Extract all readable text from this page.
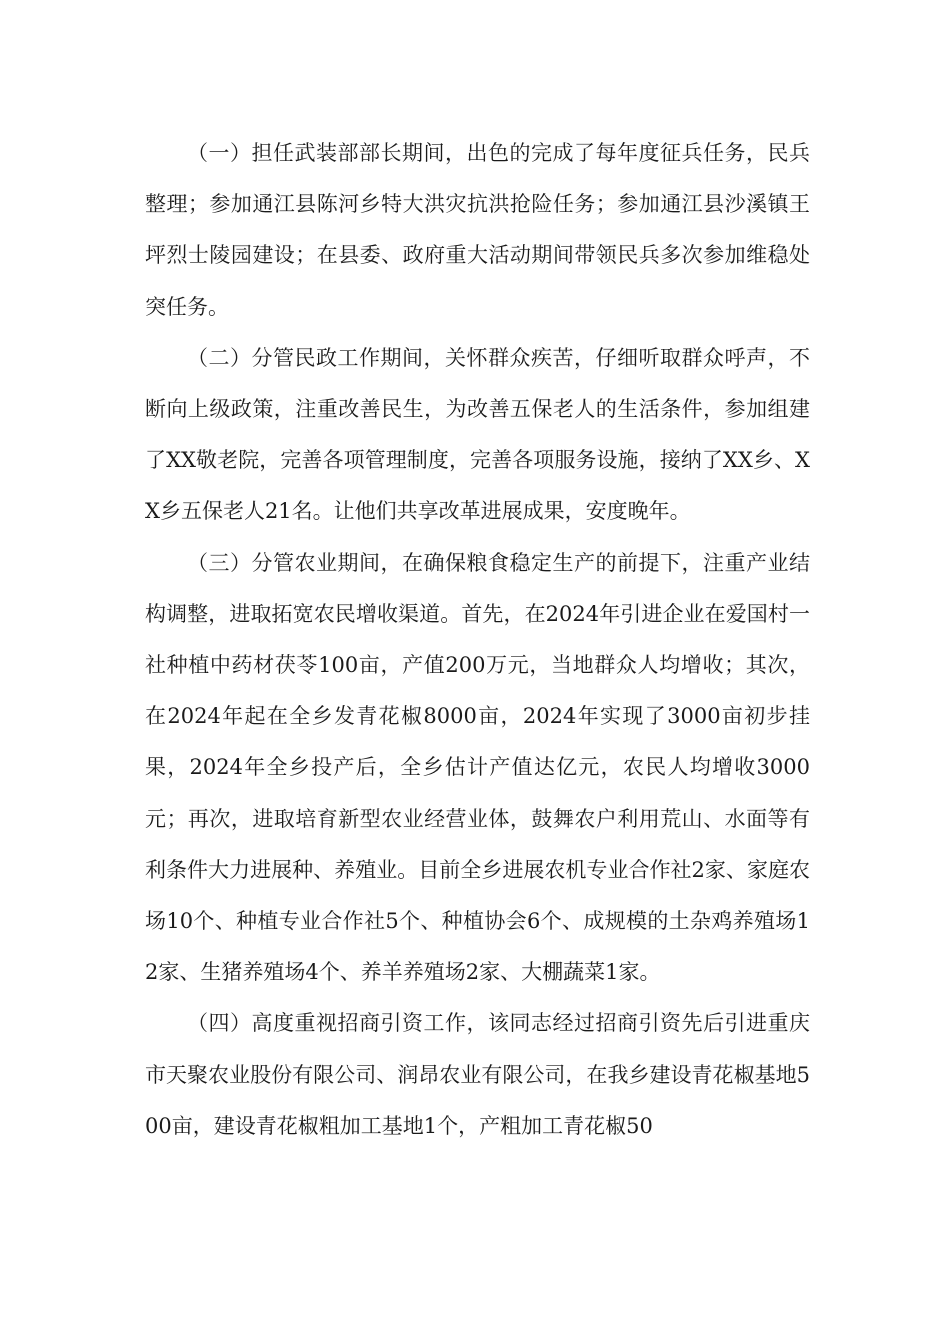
（一）担任武装部部长期间，出色的完成了每年度征兵任务，民兵整理；参加通江县陈河乡特大洪灾抗洪抢险任务；参加通江县沙溪镇王坪烈士陵园建设；在县委、政府重大活动期间带领民兵多次参加维稳处突任务。

（二）分管民政工作期间，关怀群众疾苦，仔细听取群众呼声，不断向上级政策，注重改善民生，为改善五保老人的生活条件，参加组建了XX敬老院，完善各项管理制度，完善各项服务设施，接纳了XX乡、XX乡五保老人21名。让他们共享改革进展成果，安度晚年。

（三）分管农业期间，在确保粮食稳定生产的前提下，注重产业结构调整，进取拓宽农民增收渠道。首先，在2024年引进企业在爱国村一社种植中药材茯苓100亩，产值200万元，当地群众人均增收；其次，在2024年起在全乡发青花椒8000亩，2024年实现了3000亩初步挂果，2024年全乡投产后，全乡估计产值达亿元，农民人均增收3000元；再次，进取培育新型农业经营业体，鼓舞农户利用荒山、水面等有利条件大力进展种、养殖业。目前全乡进展农机专业合作社2家、家庭农场10个、种植专业合作社5个、种植协会6个、成规模的土杂鸡养殖场12家、生猪养殖场4个、养羊养殖场2家、大棚蔬菜1家。

（四）高度重视招商引资工作，该同志经过招商引资先后引进重庆市天聚农业股份有限公司、润昂农业有限公司，在我乡建设青花椒基地500亩，建设青花椒粗加工基地1个，产粗加工青花椒50
